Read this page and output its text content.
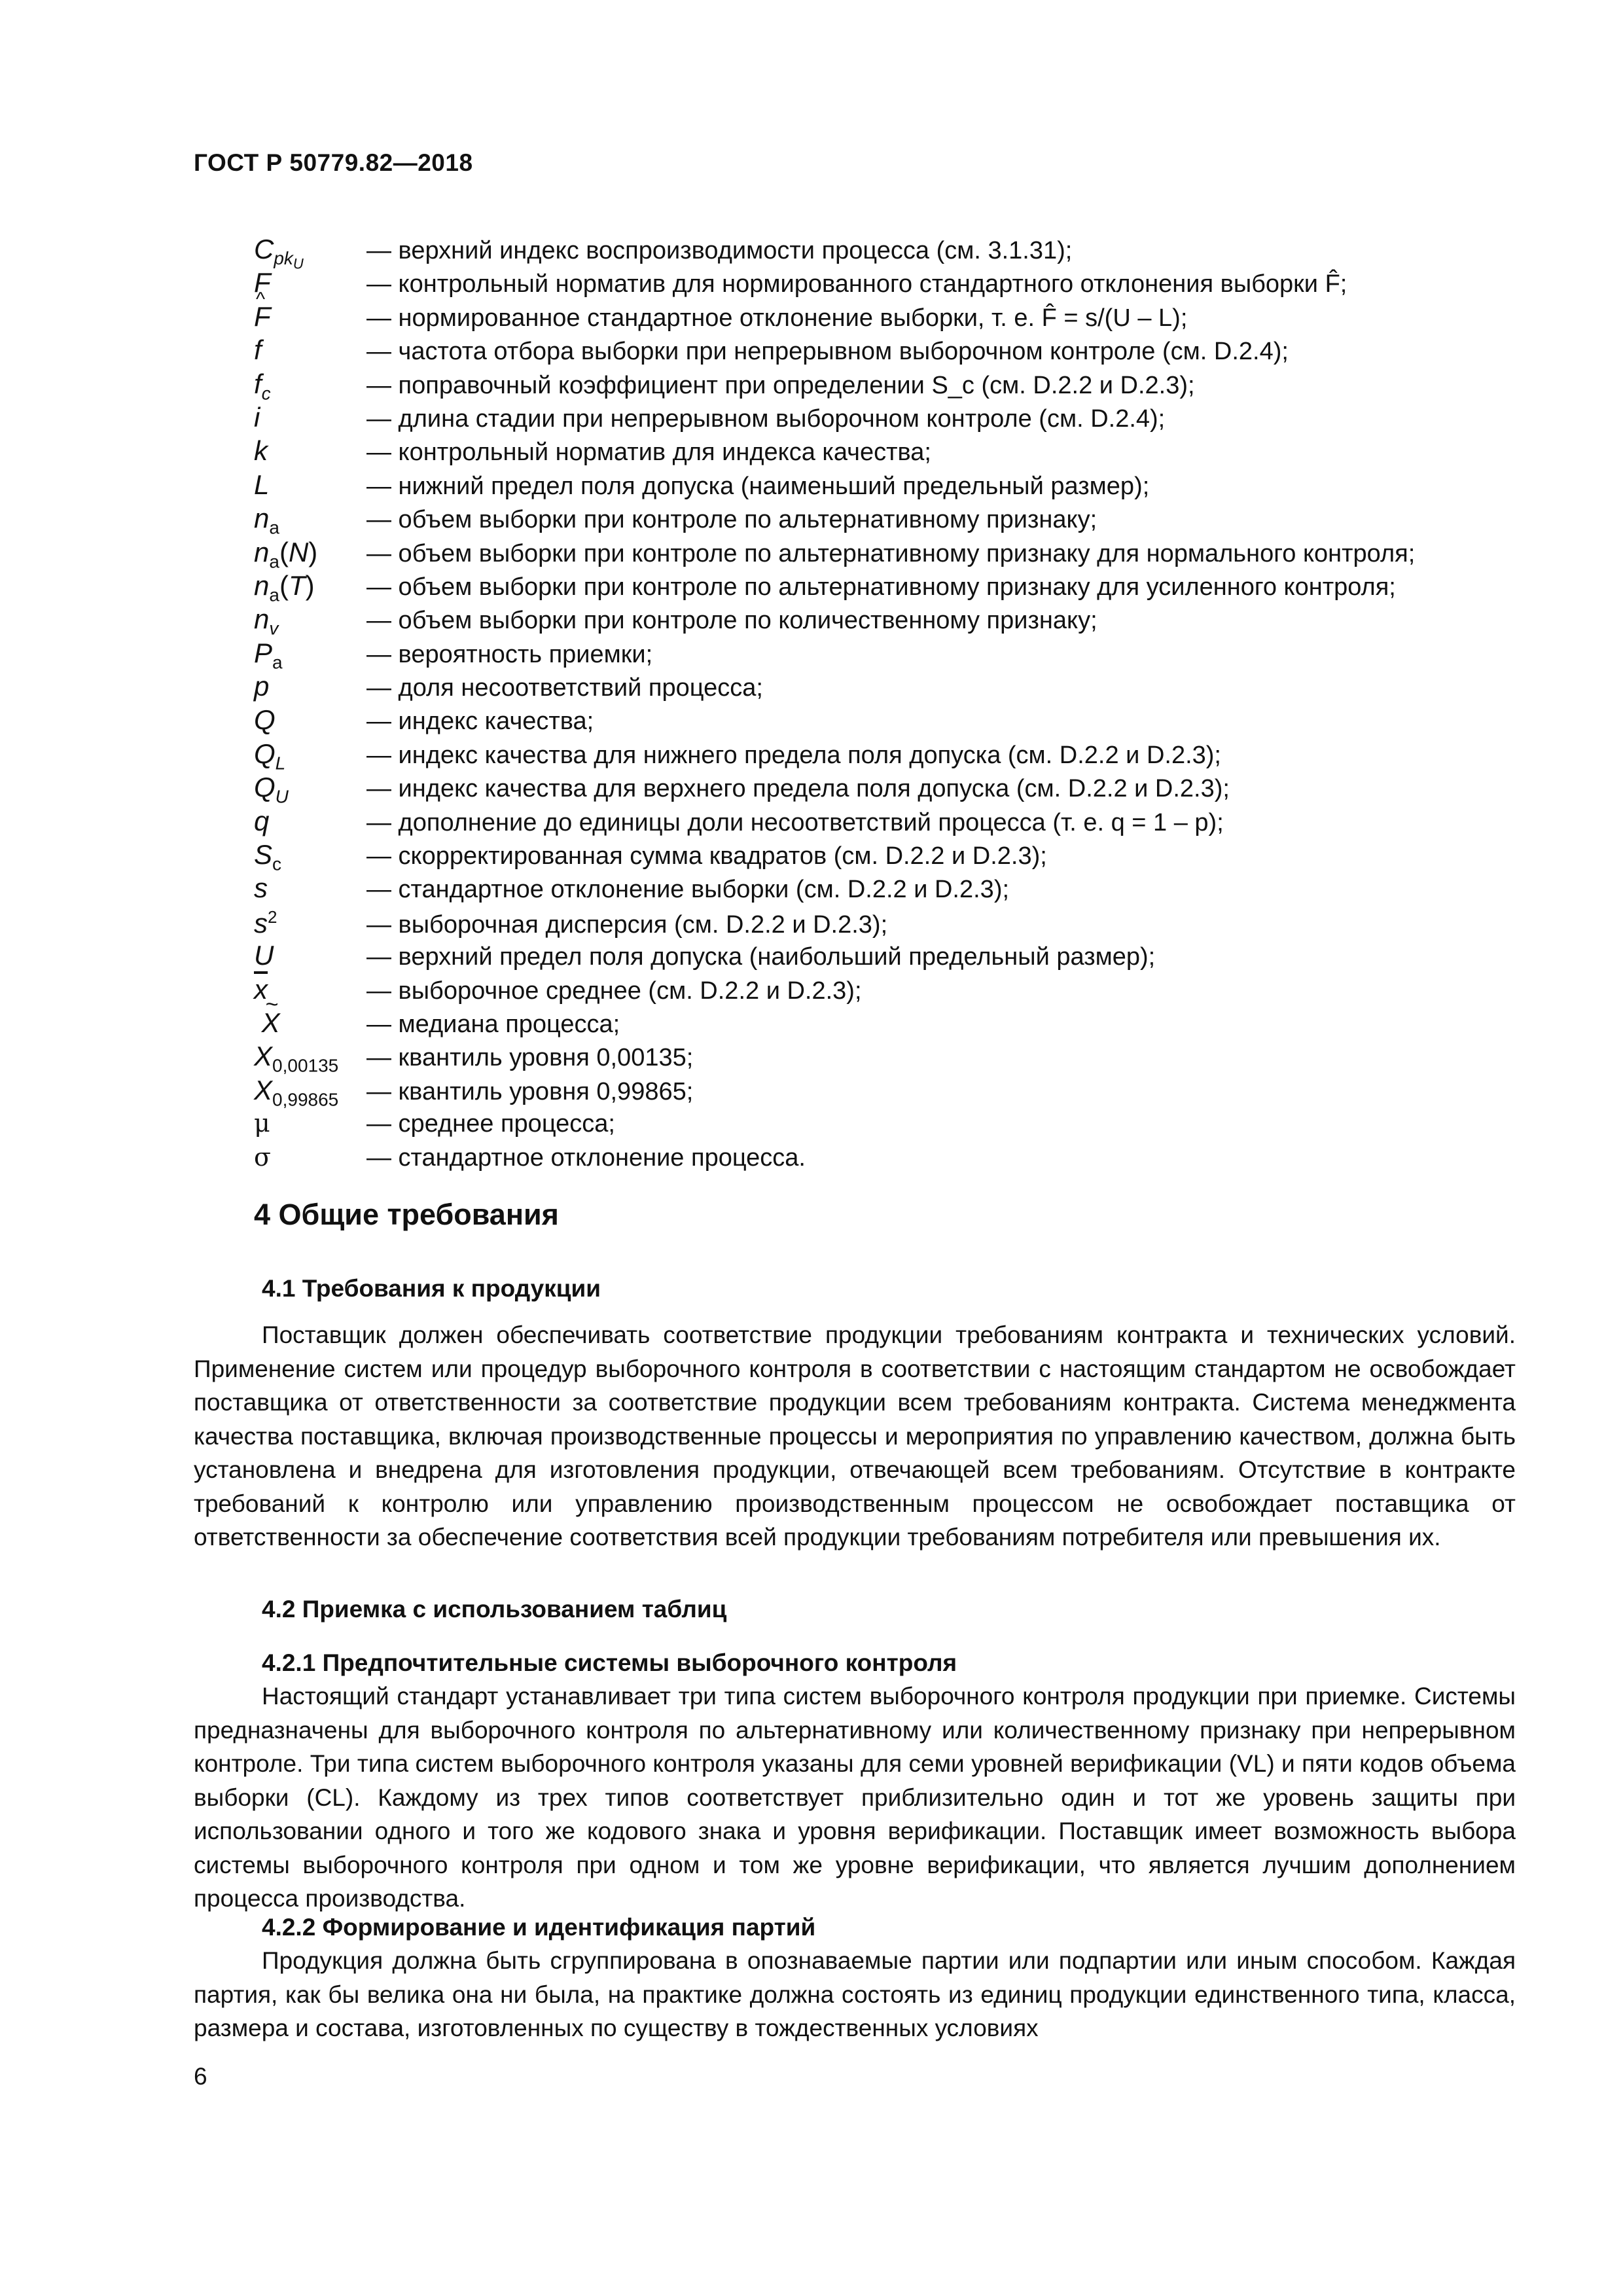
ГОСТ Р 50779.82—2018
$C_{pk_U}$	— верхний индекс воспроизводимости процесса (см. 3.1.31);
F	— контрольный норматив для нормированного стандартного отклонения выборки F̂;
^ F	— нормированное стандартное отклонение выборки, т. е. F̂ = s/(U – L);
f	— частота отбора выборки при непрерывном выборочном контроле (см. D.2.4);
$f_c$	— поправочный коэффициент при определении S_c (см. D.2.2 и D.2.3);
i	— длина стадии при непрерывном выборочном контроле (см. D.2.4);
k	— контрольный норматив для индекса качества;
L	— нижний предел поля допуска (наименьший предельный размер);
$n_a$	— объем выборки при контроле по альтернативному признаку;
$n_a(N)$	— объем выборки при контроле по альтернативному признаку для нормального контроля;
$n_a(T)$	— объем выборки при контроле по альтернативному признаку для усиленного контроля;
$n_v$	— объем выборки при контроле по количественному признаку;
$P_a$	— вероятность приемки;
p	— доля несоответствий процесса;
Q	— индекс качества;
$Q_L$	— индекс качества для нижнего предела поля допуска (см. D.2.2 и D.2.3);
$Q_U$	— индекс качества для верхнего предела поля допуска (см. D.2.2 и D.2.3);
q	— дополнение до единицы доли несоответствий процесса (т. е. q = 1 – p);
$S_c$	— скорректированная сумма квадратов (см. D.2.2 и D.2.3);
s	— стандартное отклонение выборки (см. D.2.2 и D.2.3);
$s^2$	— выборочная дисперсия (см. D.2.2 и D.2.3);
U	— верхний предел поля допуска (наибольший предельный размер);
$\overline{x}$	— выборочное среднее (см. D.2.2 и D.2.3);
~ X	— медиана процесса;
$X_{0,00135}$	— квантиль уровня 0,00135;
$X_{0,99865}$	— квантиль уровня 0,99865;
μ	— среднее процесса;
σ	— стандартное отклонение процесса.
4 Общие требования
4.1 Требования к продукции
Поставщик должен обеспечивать соответствие продукции требованиям контракта и технических условий. Применение систем или процедур выборочного контроля в соответствии с настоящим стандартом не освобождает поставщика от ответственности за соответствие продукции всем требованиям контракта. Система менеджмента качества поставщика, включая производственные процессы и мероприятия по управлению качеством, должна быть установлена и внедрена для изготовления продукции, отвечающей всем требованиям. Отсутствие в контракте требований к контролю или управлению производственным процессом не освобождает поставщика от ответственности за обеспечение соответствия всей продукции требованиям потребителя или превышения их.
4.2 Приемка с использованием таблиц
4.2.1 Предпочтительные системы выборочного контроля
Настоящий стандарт устанавливает три типа систем выборочного контроля продукции при приемке. Системы предназначены для выборочного контроля по альтернативному или количественному признаку при непрерывном контроле. Три типа систем выборочного контроля указаны для семи уровней верификации (VL) и пяти кодов объема выборки (CL). Каждому из трех типов соответствует приблизительно один и тот же уровень защиты при использовании одного и того же кодового знака и уровня верификации. Поставщик имеет возможность выбора системы выборочного контроля при одном и том же уровне верификации, что является лучшим дополнением процесса производства.
4.2.2 Формирование и идентификация партий
Продукция должна быть сгруппирована в опознаваемые партии или подпартии или иным способом. Каждая партия, как бы велика она ни была, на практике должна состоять из единиц продукции единственного типа, класса, размера и состава, изготовленных по существу в тождественных условиях
6
